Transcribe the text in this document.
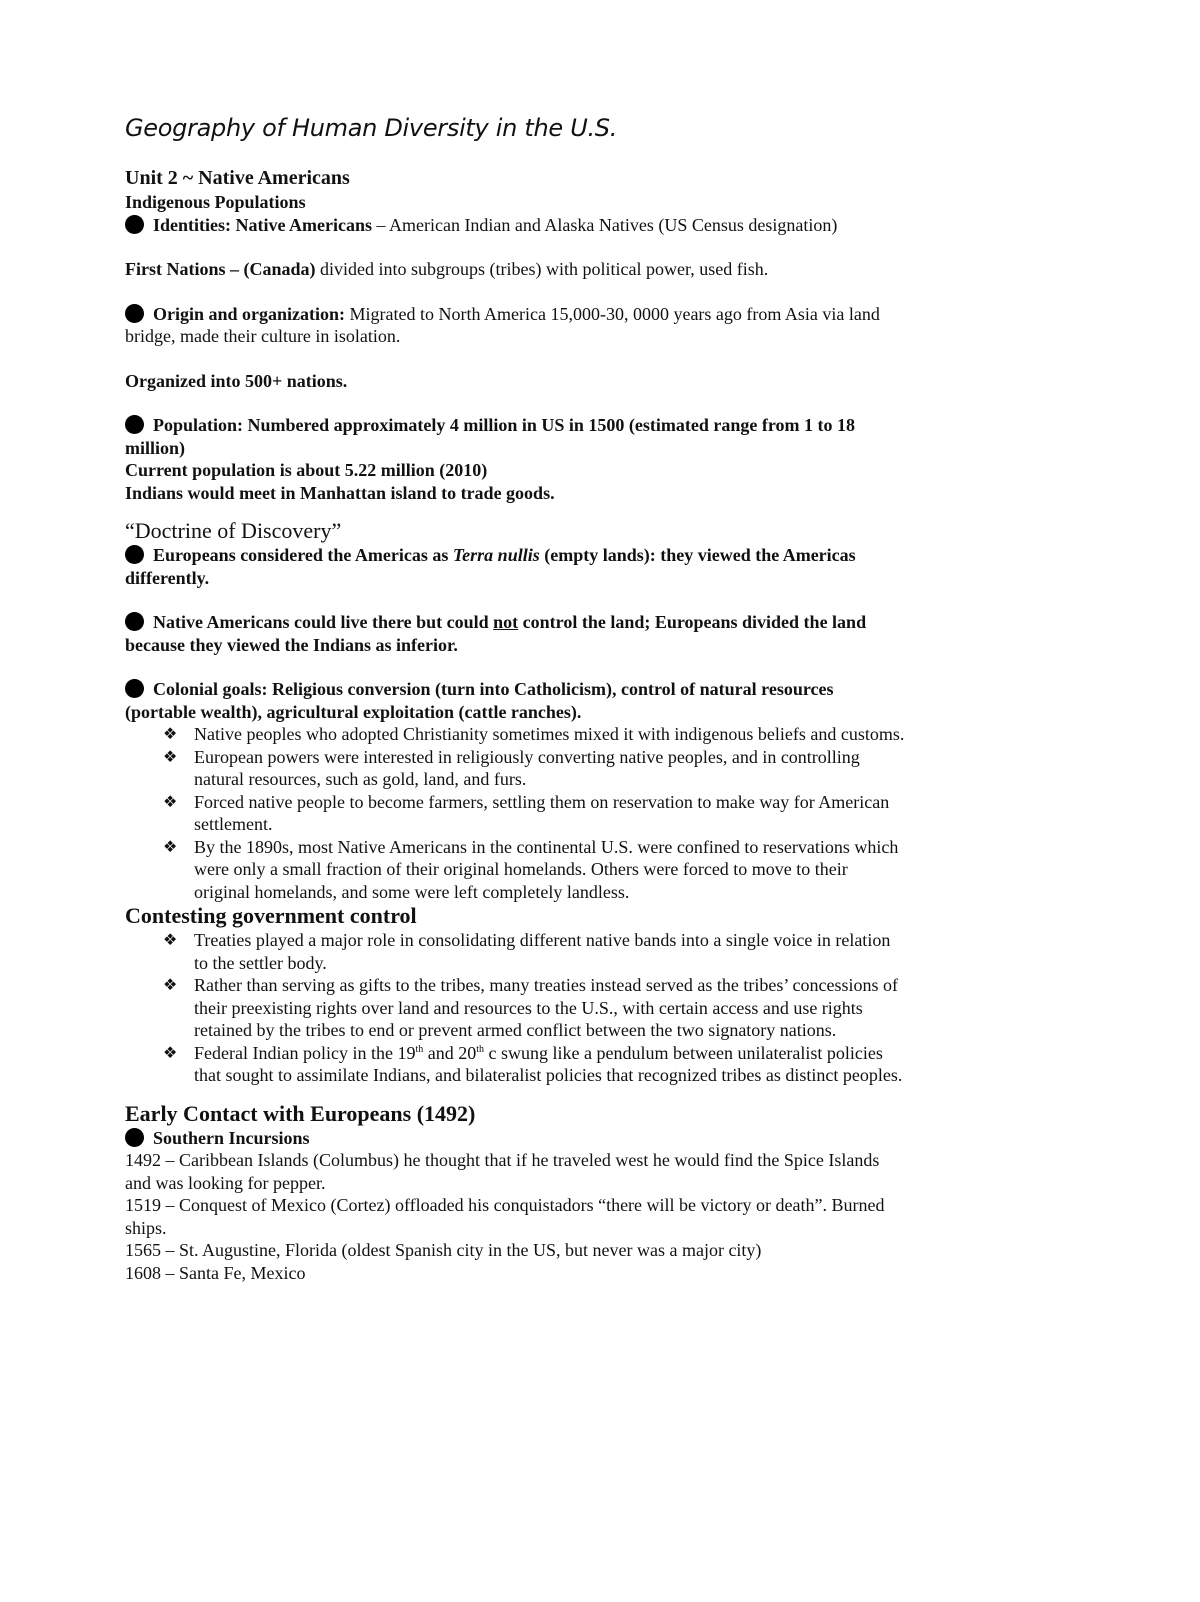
Geography of Human Diversity in the U.S.

Unit 2 ~ Native Americans

Indigenous Populations

Identities: Native Americans – American Indian and Alaska Natives (US Census designation)

First Nations – (Canada) divided into subgroups (tribes) with political power, used fish.

Origin and organization: Migrated to North America 15,000-30, 0000 years ago from Asia via land bridge, made their culture in isolation.

Organized into 500+ nations.

Population: Numbered approximately 4 million in US in 1500 (estimated range from 1 to 18 million)

Current population is about 5.22 million (2010)

Indians would meet in Manhattan island to trade goods.

“Doctrine of Discovery”

Europeans considered the Americas as Terra nullis (empty lands): they viewed the Americas differently.

Native Americans could live there but could not control the land; Europeans divided the land because they viewed the Indians as inferior.

Colonial goals: Religious conversion (turn into Catholicism), control of natural resources (portable wealth), agricultural exploitation (cattle ranches).

❖ Native peoples who adopted Christianity sometimes mixed it with indigenous beliefs and customs.
❖ European powers were interested in religiously converting native peoples, and in controlling natural resources, such as gold, land, and furs.
❖ Forced native people to become farmers, settling them on reservation to make way for American settlement.
❖ By the 1890s, most Native Americans in the continental U.S. were confined to reservations which were only a small fraction of their original homelands. Others were forced to move to their original homelands, and some were left completely landless.

Contesting government control

❖ Treaties played a major role in consolidating different native bands into a single voice in relation to the settler body.
❖ Rather than serving as gifts to the tribes, many treaties instead served as the tribes’ concessions of their preexisting rights over land and resources to the U.S., with certain access and use rights retained by the tribes to end or prevent armed conflict between the two signatory nations.
❖ Federal Indian policy in the 19th and 20th c swung like a pendulum between unilateralist policies that sought to assimilate Indians, and bilateralist policies that recognized tribes as distinct peoples.

Early Contact with Europeans (1492)

Southern Incursions

1492 – Caribbean Islands (Columbus) he thought that if he traveled west he would find the Spice Islands and was looking for pepper.

1519 – Conquest of Mexico (Cortez) offloaded his conquistadors “there will be victory or death”. Burned ships.

1565 – St. Augustine, Florida (oldest Spanish city in the US, but never was a major city)

1608 – Santa Fe, Mexico
